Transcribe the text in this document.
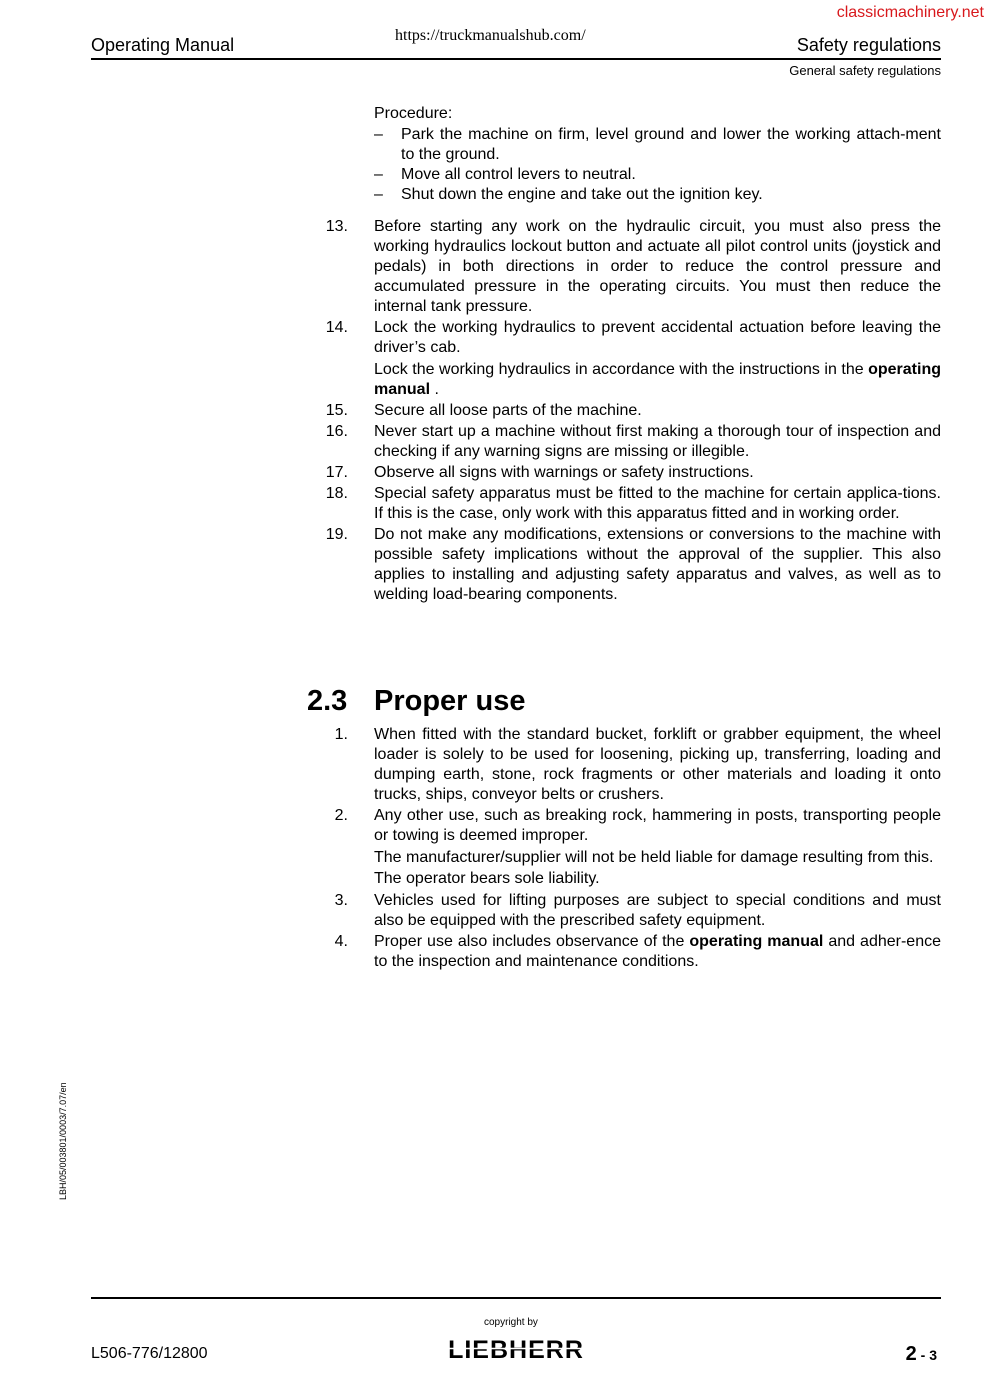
classicmachinery.net
https://truckmanualshub.com/
Operating Manual	Safety regulations
General safety regulations
Procedure:
– Park the machine on firm, level ground and lower the working attach-ment to the ground.
– Move all control levers to neutral.
– Shut down the engine and take out the ignition key.
13. Before starting any work on the hydraulic circuit, you must also press the working hydraulics lockout button and actuate all pilot control units (joystick and pedals) in both directions in order to reduce the control pressure and accumulated pressure in the operating circuits. You must then reduce the internal tank pressure.
14. Lock the working hydraulics to prevent accidental actuation before leaving the driver’s cab.
Lock the working hydraulics in accordance with the instructions in the operating manual .
15. Secure all loose parts of the machine.
16. Never start up a machine without first making a thorough tour of inspection and checking if any warning signs are missing or illegible.
17. Observe all signs with warnings or safety instructions.
18. Special safety apparatus must be fitted to the machine for certain applica-tions. If this is the case, only work with this apparatus fitted and in working order.
19. Do not make any modifications, extensions or conversions to the machine with possible safety implications without the approval of the supplier. This also applies to installing and adjusting safety apparatus and valves, as well as to welding load-bearing components.
2.3 Proper use
1. When fitted with the standard bucket, forklift or grabber equipment, the wheel loader is solely to be used for loosening, picking up, transferring, loading and dumping earth, stone, rock fragments or other materials and loading it onto trucks, ships, conveyor belts or crushers.
2. Any other use, such as breaking rock, hammering in posts, transporting people or towing is deemed improper.
The manufacturer/supplier will not be held liable for damage resulting from this.
The operator bears sole liability.
3. Vehicles used for lifting purposes are subject to special conditions and must also be equipped with the prescribed safety equipment.
4. Proper use also includes observance of the operating manual and adher-ence to the inspection and maintenance conditions.
LBH/05/003801/0003/7.07/en
copyright by
LIEBHERR
L506-776/12800	2 - 3
